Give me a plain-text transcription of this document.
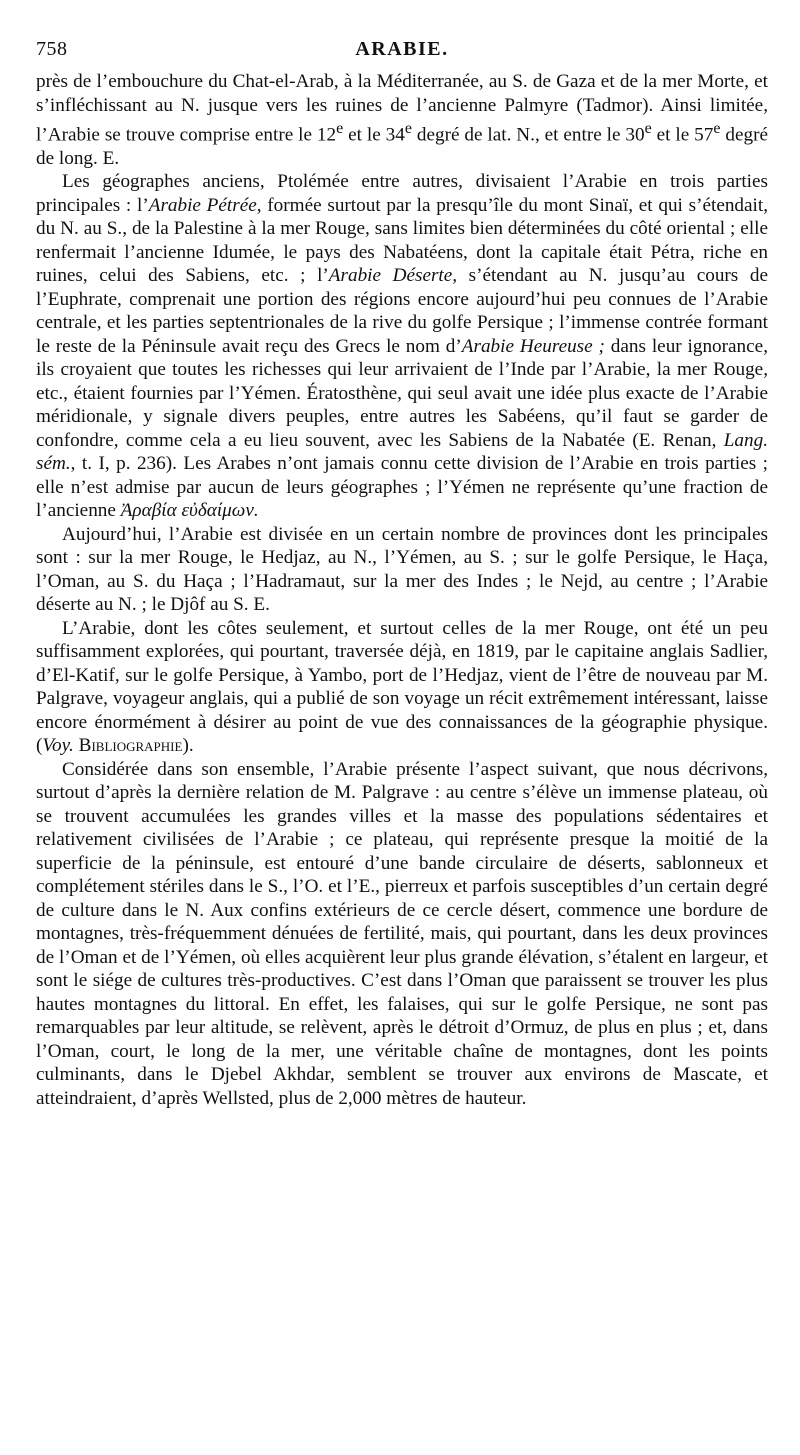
758	ARABIE.

près de l’embouchure du Chat-el-Arab, à la Méditerranée, au S. de Gaza et de la mer Morte, et s’infléchissant au N. jusque vers les ruines de l’ancienne Palmyre (Tadmor). Ainsi limitée, l’Arabie se trouve comprise entre le 12e et le 34e degré de lat. N., et entre le 30e et le 57e degré de long. E.

Les géographes anciens, Ptolémée entre autres, divisaient l’Arabie en trois parties principales : l’Arabie Pétrée, formée surtout par la presqu’île du mont Sinaï, et qui s’étendait, du N. au S., de la Palestine à la mer Rouge, sans limites bien déterminées du côté oriental ; elle renfermait l’ancienne Idumée, le pays des Nabatéens, dont la capitale était Pétra, riche en ruines, celui des Sabiens, etc. ; l’Arabie Déserte, s’étendant au N. jusqu’au cours de l’Euphrate, comprenait une portion des régions encore aujourd’hui peu connues de l’Arabie centrale, et les parties septentrionales de la rive du golfe Persique ; l’immense contrée formant le reste de la Péninsule avait reçu des Grecs le nom d’Arabie Heureuse ; dans leur ignorance, ils croyaient que toutes les richesses qui leur arrivaient de l’Inde par l’Arabie, la mer Rouge, etc., étaient fournies par l’Yémen. Ératosthène, qui seul avait une idée plus exacte de l’Arabie méridionale, y signale divers peuples, entre autres les Sabéens, qu’il faut se garder de confondre, comme cela a eu lieu souvent, avec les Sabiens de la Nabatée (E. Renan, Lang. sém., t. I, p. 236). Les Arabes n’ont jamais connu cette division de l’Arabie en trois parties ; elle n’est admise par aucun de leurs géographes ; l’Yémen ne représente qu’une fraction de l’ancienne Ἀραβία εὐδαίμων.

Aujourd’hui, l’Arabie est divisée en un certain nombre de provinces dont les principales sont : sur la mer Rouge, le Hedjaz, au N., l’Yémen, au S. ; sur le golfe Persique, le Haça, l’Oman, au S. du Haça ; l’Hadramaut, sur la mer des Indes ; le Nejd, au centre ; l’Arabie déserte au N. ; le Djôf au S. E.

L’Arabie, dont les côtes seulement, et surtout celles de la mer Rouge, ont été un peu suffisamment explorées, qui pourtant, traversée déjà, en 1819, par le capitaine anglais Sadlier, d’El-Katif, sur le golfe Persique, à Yambo, port de l’Hedjaz, vient de l’être de nouveau par M. Palgrave, voyageur anglais, qui a publié de son voyage un récit extrêmement intéressant, laisse encore énormément à désirer au point de vue des connaissances de la géographie physique. (Voy. Bibliographie).

Considérée dans son ensemble, l’Arabie présente l’aspect suivant, que nous décrivons, surtout d’après la dernière relation de M. Palgrave : au centre s’élève un immense plateau, où se trouvent accumulées les grandes villes et la masse des populations sédentaires et relativement civilisées de l’Arabie ; ce plateau, qui représente presque la moitié de la superficie de la péninsule, est entouré d’une bande circulaire de déserts, sablonneux et complétement stériles dans le S., l’O. et l’E., pierreux et parfois susceptibles d’un certain degré de culture dans le N. Aux confins extérieurs de ce cercle désert, commence une bordure de montagnes, très-fréquemment dénuées de fertilité, mais, qui pourtant, dans les deux provinces de l’Oman et de l’Yémen, où elles acquièrent leur plus grande élévation, s’étalent en largeur, et sont le siége de cultures très-productives. C’est dans l’Oman que paraissent se trouver les plus hautes montagnes du littoral. En effet, les falaises, qui sur le golfe Persique, ne sont pas remarquables par leur altitude, se relèvent, après le détroit d’Ormuz, de plus en plus ; et, dans l’Oman, court, le long de la mer, une véritable chaîne de montagnes, dont les points culminants, dans le Djebel Akhdar, semblent se trouver aux environs de Mascate, et atteindraient, d’après Wellsted, plus de 2,000 mètres de hauteur.
